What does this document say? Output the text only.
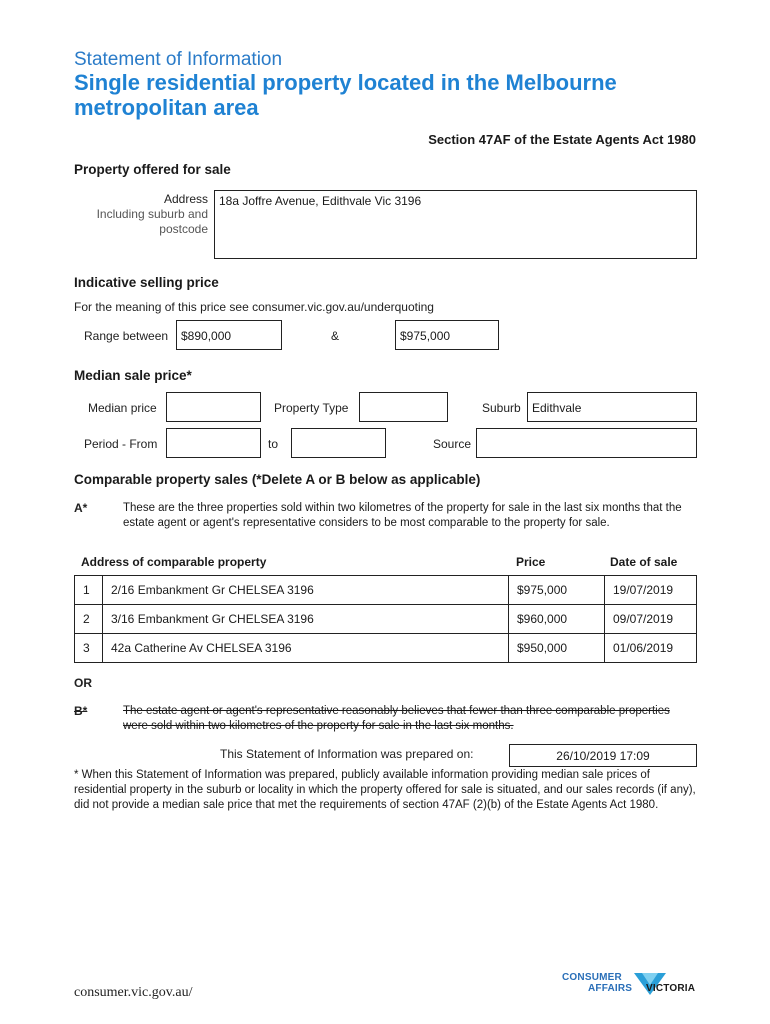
Statement of Information
Single residential property located in the Melbourne metropolitan area
Section 47AF of the Estate Agents Act 1980
Property offered for sale
Address
Including suburb and
postcode
18a Joffre Avenue, Edithvale Vic 3196
Indicative selling price
For the meaning of this price see consumer.vic.gov.au/underquoting
Range between	$890,000	&	$975,000
Median sale price*
Median price	Property Type	Suburb Edithvale
Period - From	to	Source
Comparable property sales (*Delete A or B below as applicable)
A*	These are the three properties sold within two kilometres of the property for sale in the last six months that the estate agent or agent's representative considers to be most comparable to the property for sale.
Address of comparable property	Price	Date of sale
1	2/16 Embankment Gr CHELSEA 3196	$975,000	19/07/2019
2	3/16 Embankment Gr CHELSEA 3196	$960,000	09/07/2019
3	42a Catherine Av CHELSEA 3196	$950,000	01/06/2019
OR
B*	The estate agent or agent's representative reasonably believes that fewer than three comparable properties were sold within two kilometres of the property for sale in the last six months.
This Statement of Information was prepared on:	26/10/2019 17:09
* When this Statement of Information was prepared, publicly available information providing median sale prices of residential property in the suburb or locality in which the property offered for sale is situated, and our sales records (if any), did not provide a median sale price that met the requirements of section 47AF (2)(b) of the Estate Agents Act 1980.
consumer.vic.gov.au/
CONSUMER
AFFAIRS VICTORIA
